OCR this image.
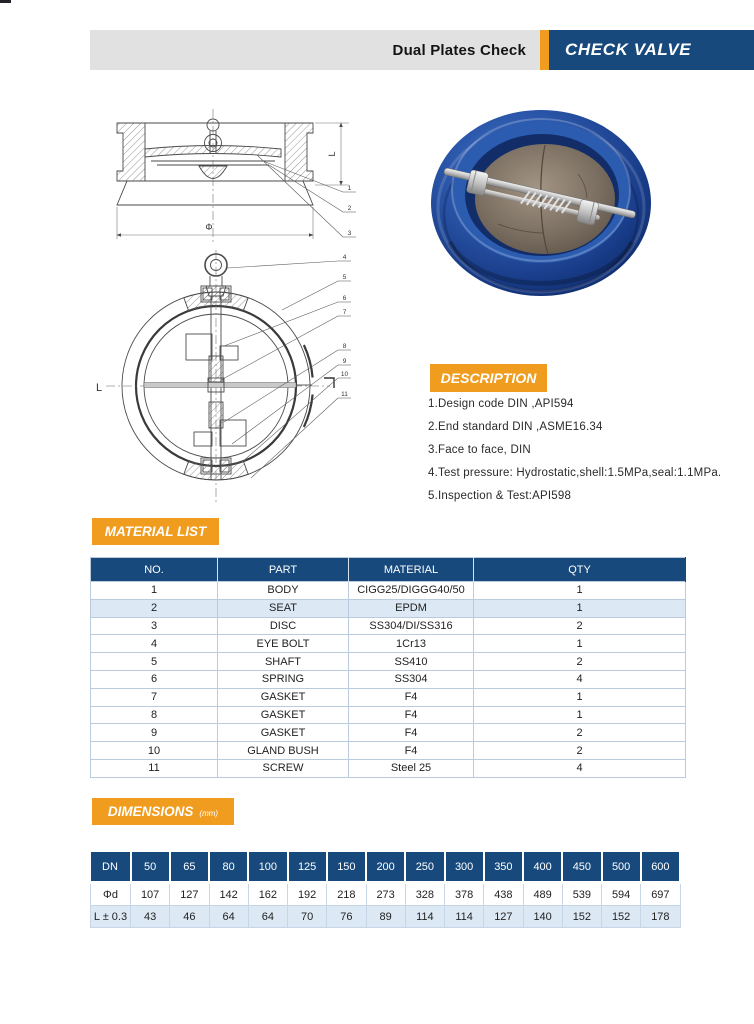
Dual Plates Check CHECK VALVE
L
Φ
1
2
3
L
4
5
6
7
8
9
10
11
DESCRIPTION
1.Design code DIN ,API594
2.End standard DIN ,ASME16.34
3.Face to face, DIN
4.Test pressure: Hydrostatic,shell:1.5MPa,seal:1.1MPa.
5.Inspection & Test:API598
MATERIAL LIST
NO.	PART	MATERIAL	QTY
1	BODY	CIGG25/DIGGG40/50	1
2	SEAT	EPDM	1
3	DISC	SS304/DI/SS316	2
4	EYE BOLT	1Cr13	1
5	SHAFT	SS410	2
6	SPRING	SS304	4
7	GASKET	F4	1
8	GASKET	F4	1
9	GASKET	F4	2
10	GLAND BUSH	F4	2
11	SCREW	Steel 25	4
DIMENSIONS (mm)
DN	50	65	80	100	125	150	200	250	300	350	400	450	500	600
Φd	107	127	142	162	192	218	273	328	378	438	489	539	594	697
L ± 0.3	43	46	64	64	70	76	89	114	114	127	140	152	152	178
